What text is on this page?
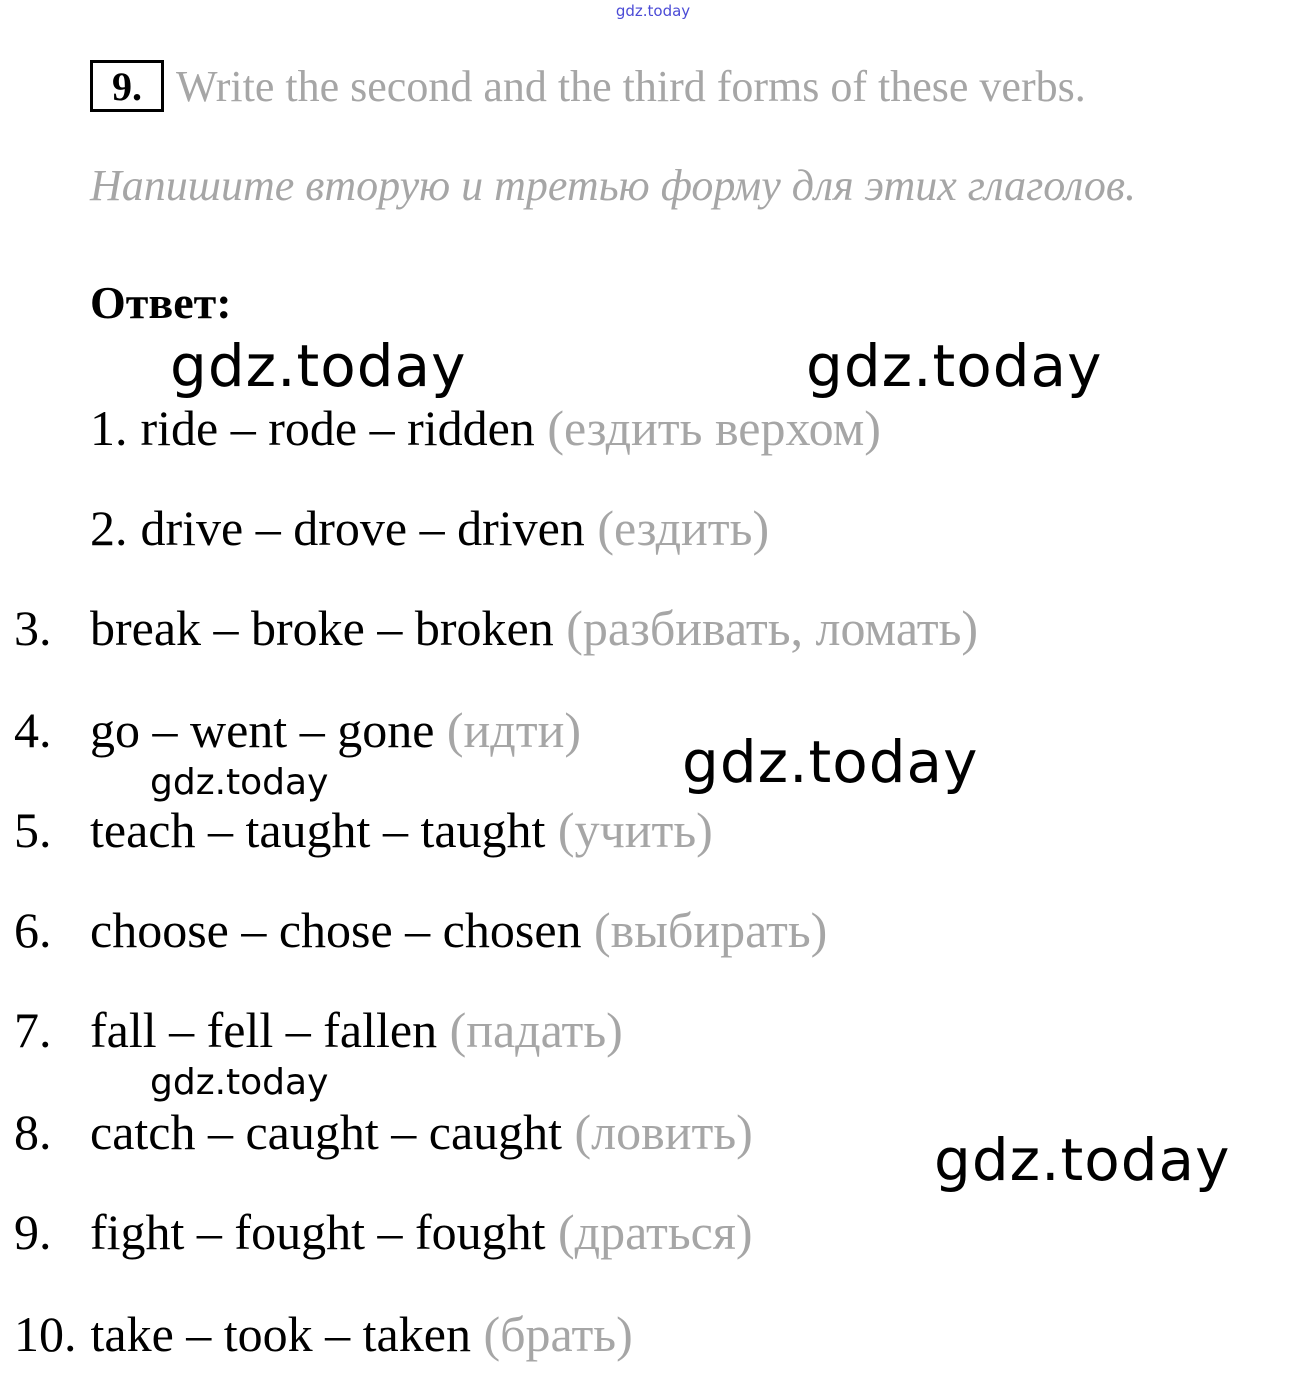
gdz.today
9. Write the second and the third forms of these verbs.
Напишите вторую и третью форму для этих глаголов.
Ответ:
1. ride – rode – ridden (ездить верхом)
2. drive – drove – driven (ездить)
3. break – broke – broken (разбивать, ломать)
4. go – went – gone (идти)
5. teach – taught – taught (учить)
6. choose – chose – chosen (выбирать)
7. fall – fell – fallen (падать)
8. catch – caught – caught (ловить)
9. fight – fought – fought (драться)
10. take – took – taken (брать)
gdz.today	gdz.today
gdz.today
gdz.today
gdz.today
gdz.today
